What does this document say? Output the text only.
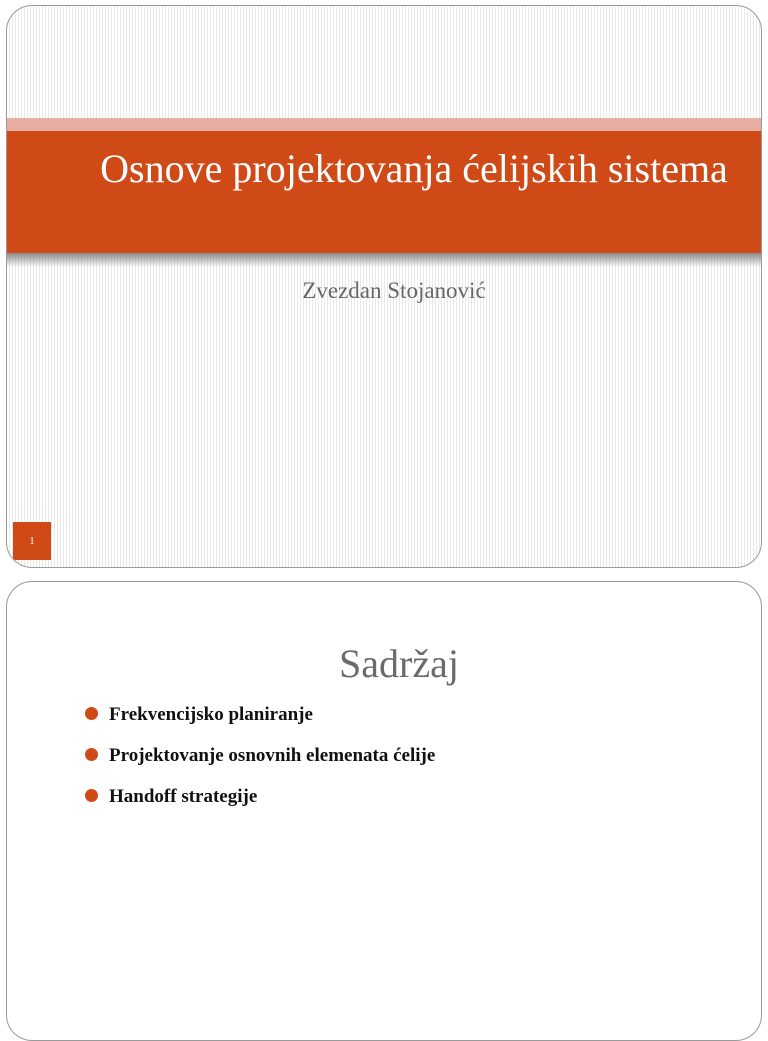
Osnove projektovanja ćelijskih sistema
Zvezdan Stojanović
1
Sadržaj
Frekvencijsko planiranje
Projektovanje osnovnih elemenata ćelije
Handoff strategije
